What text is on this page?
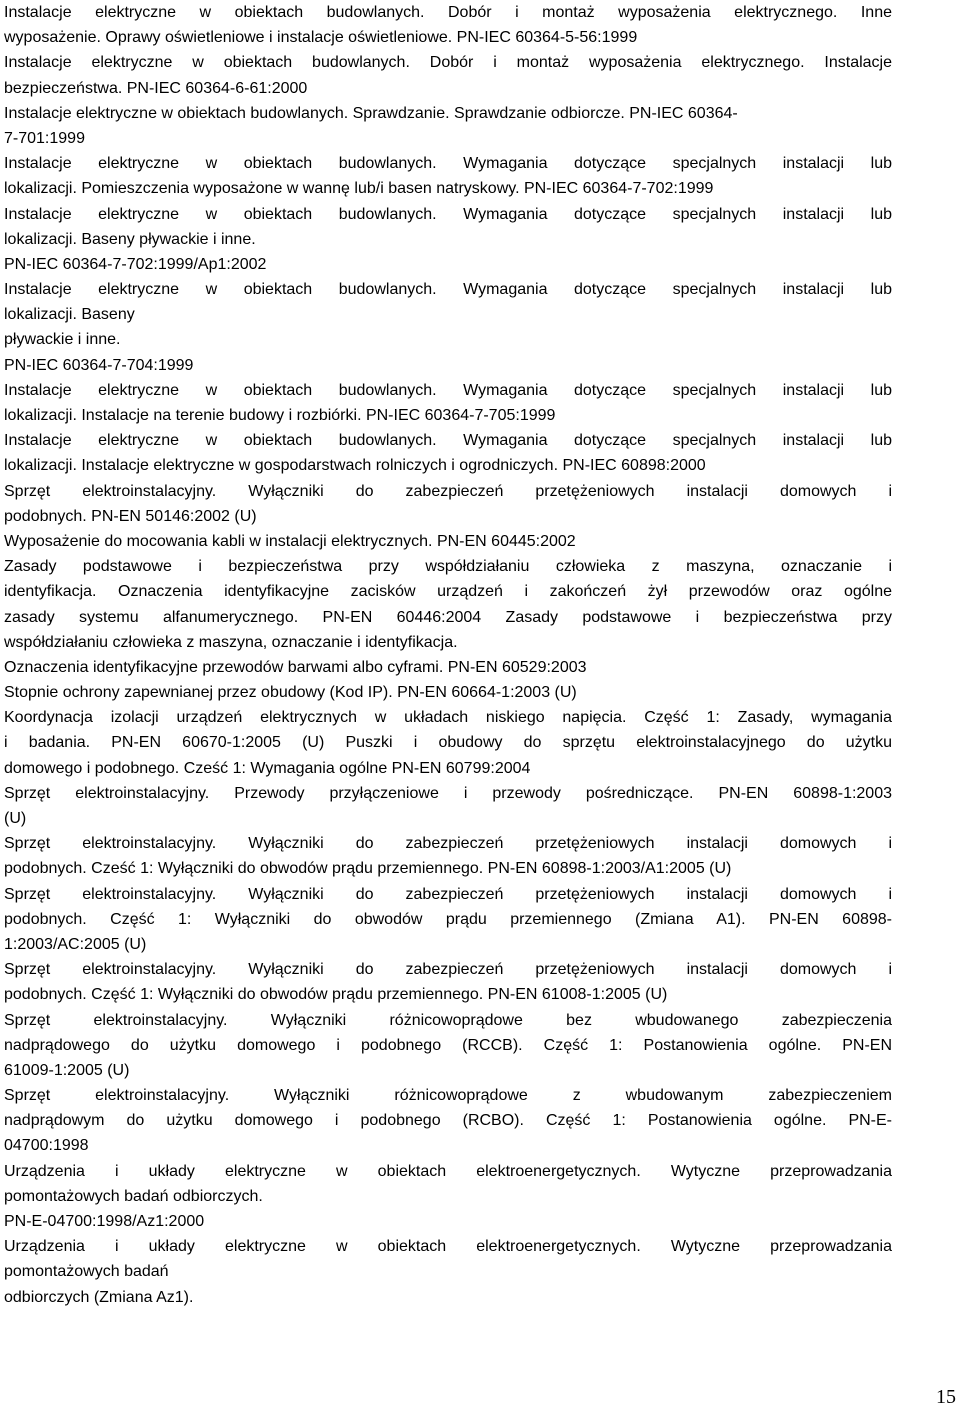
Instalacje elektryczne w obiektach budowlanych. Dobór i montaż wyposażenia elektrycznego. Inne
wyposażenie. Oprawy oświetleniowe i instalacje oświetleniowe. PN-IEC 60364-5-56:1999
Instalacje elektryczne w obiektach budowlanych. Dobór i montaż wyposażenia elektrycznego. Instalacje
bezpieczeństwa. PN-IEC 60364-6-61:2000
Instalacje elektryczne w obiektach budowlanych. Sprawdzanie. Sprawdzanie odbiorcze. PN-IEC 60364-
7-701:1999
Instalacje elektryczne w obiektach budowlanych. Wymagania dotyczące specjalnych instalacji lub
lokalizacji. Pomieszczenia wyposażone w wannę lub/i basen natryskowy. PN-IEC 60364-7-702:1999
Instalacje elektryczne w obiektach budowlanych. Wymagania dotyczące specjalnych instalacji lub
lokalizacji. Baseny pływackie i inne.
PN-IEC 60364-7-702:1999/Ap1:2002
Instalacje elektryczne w obiektach budowlanych. Wymagania dotyczące specjalnych instalacji lub
lokalizacji. Baseny
pływackie i inne.
PN-IEC 60364-7-704:1999
Instalacje elektryczne w obiektach budowlanych. Wymagania dotyczące specjalnych instalacji lub
lokalizacji. Instalacje na terenie budowy i rozbiórki. PN-IEC 60364-7-705:1999
Instalacje elektryczne w obiektach budowlanych. Wymagania dotyczące specjalnych instalacji lub
lokalizacji. Instalacje elektryczne w gospodarstwach rolniczych i ogrodniczych. PN-IEC 60898:2000
Sprzęt elektroinstalacyjny. Wyłączniki do zabezpieczeń przetężeniowych instalacji domowych i
podobnych. PN-EN 50146:2002 (U)
Wyposażenie do mocowania kabli w instalacji elektrycznych. PN-EN 60445:2002
Zasady podstawowe i bezpieczeństwa przy współdziałaniu człowieka z maszyna, oznaczanie i
identyfikacja. Oznaczenia identyfikacyjne zacisków urządzeń i zakończeń żył przewodów oraz ogólne
zasady systemu alfanumerycznego. PN-EN 60446:2004 Zasady podstawowe i bezpieczeństwa przy
współdziałaniu człowieka z maszyna, oznaczanie i identyfikacja.
Oznaczenia identyfikacyjne przewodów barwami albo cyframi. PN-EN 60529:2003
Stopnie ochrony zapewnianej przez obudowy (Kod IP). PN-EN 60664-1:2003 (U)
Koordynacja izolacji urządzeń elektrycznych w układach niskiego napięcia. Część 1: Zasady, wymagania
i badania. PN-EN 60670-1:2005 (U) Puszki i obudowy do sprzętu elektroinstalacyjnego do użytku
domowego i podobnego. Cześć 1: Wymagania ogólne PN-EN 60799:2004
Sprzęt elektroinstalacyjny. Przewody przyłączeniowe i przewody pośredniczące. PN-EN 60898-1:2003
(U)
Sprzęt elektroinstalacyjny. Wyłączniki do zabezpieczeń przetężeniowych instalacji domowych i
podobnych. Cześć 1: Wyłączniki do obwodów prądu przemiennego. PN-EN 60898-1:2003/A1:2005 (U)
Sprzęt elektroinstalacyjny. Wyłączniki do zabezpieczeń przetężeniowych instalacji domowych i
podobnych. Część 1: Wyłączniki do obwodów prądu przemiennego (Zmiana A1). PN-EN 60898-
1:2003/AC:2005 (U)
Sprzęt elektroinstalacyjny. Wyłączniki do zabezpieczeń przetężeniowych instalacji domowych i
podobnych. Część 1: Wyłączniki do obwodów prądu przemiennego. PN-EN 61008-1:2005 (U)
Sprzęt elektroinstalacyjny. Wyłączniki różnicowoprądowe bez wbudowanego zabezpieczenia
nadprądowego do użytku domowego i podobnego (RCCB). Część 1: Postanowienia ogólne. PN-EN
61009-1:2005 (U)
Sprzęt elektroinstalacyjny. Wyłączniki różnicowoprądowe z wbudowanym zabezpieczeniem
nadprądowym do użytku domowego i podobnego (RCBO). Część 1: Postanowienia ogólne. PN-E-
04700:1998
Urządzenia i układy elektryczne w obiektach elektroenergetycznych. Wytyczne przeprowadzania
pomontażowych badań odbiorczych.
PN-E-04700:1998/Az1:2000
Urządzenia i układy elektryczne w obiektach elektroenergetycznych. Wytyczne przeprowadzania
pomontażowych badań
odbiorczych (Zmiana Az1).
15
